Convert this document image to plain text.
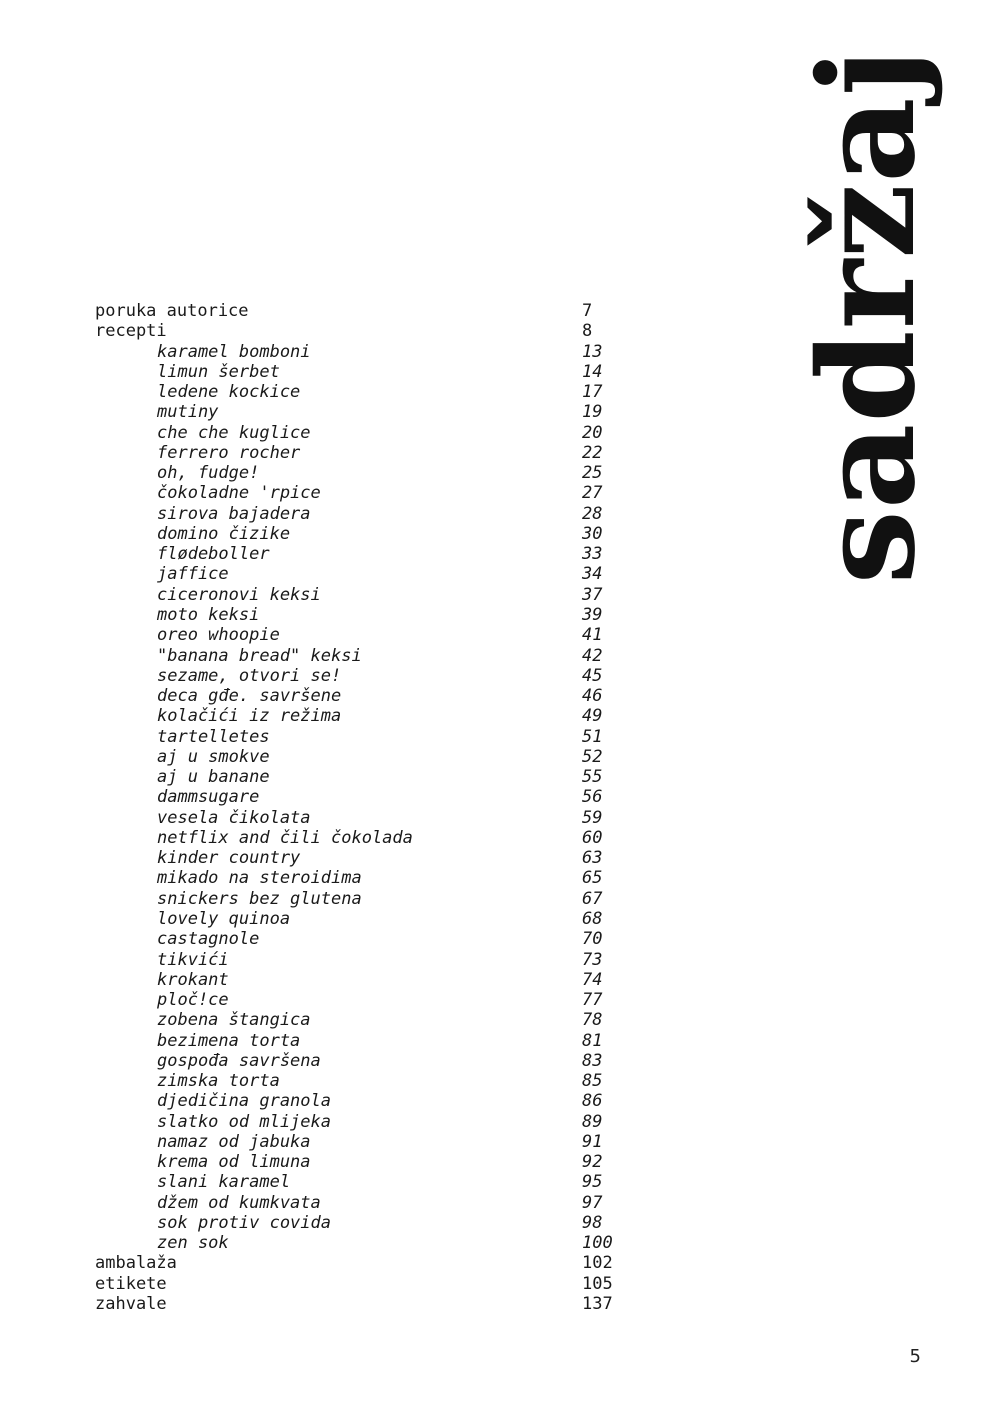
sadržaj
poruka autorice	7
recepti	8
karamel bomboni	13
limun šerbet	14
ledene kockice	17
mutiny	19
che che kuglice	20
ferrero rocher	22
oh, fudge!	25
čokoladne 'rpice	27
sirova bajadera	28
domino čizike	30
flødeboller	33
jaffice	34
ciceronovi keksi	37
moto keksi	39
oreo whoopie	41
"banana bread" keksi	42
sezame, otvori se!	45
deca gđe. savršene	46
kolačići iz režima	49
tartelletes	51
aj u smokve	52
aj u banane	55
dammsugare	56
vesela čikolata	59
netflix and čili čokolada	60
kinder country	63
mikado na steroidima	65
snickers bez glutena	67
lovely quinoa	68
castagnole	70
tikvići	73
krokant	74
ploč!ce	77
zobena štangica	78
bezimena torta	81
gospođa savršena	83
zimska torta	85
djedičina granola	86
slatko od mlijeka	89
namaz od jabuka	91
krema od limuna	92
slani karamel	95
džem od kumkvata	97
sok protiv covida	98
zen sok	100
ambalaža	102
etikete	105
zahvale	137
5
